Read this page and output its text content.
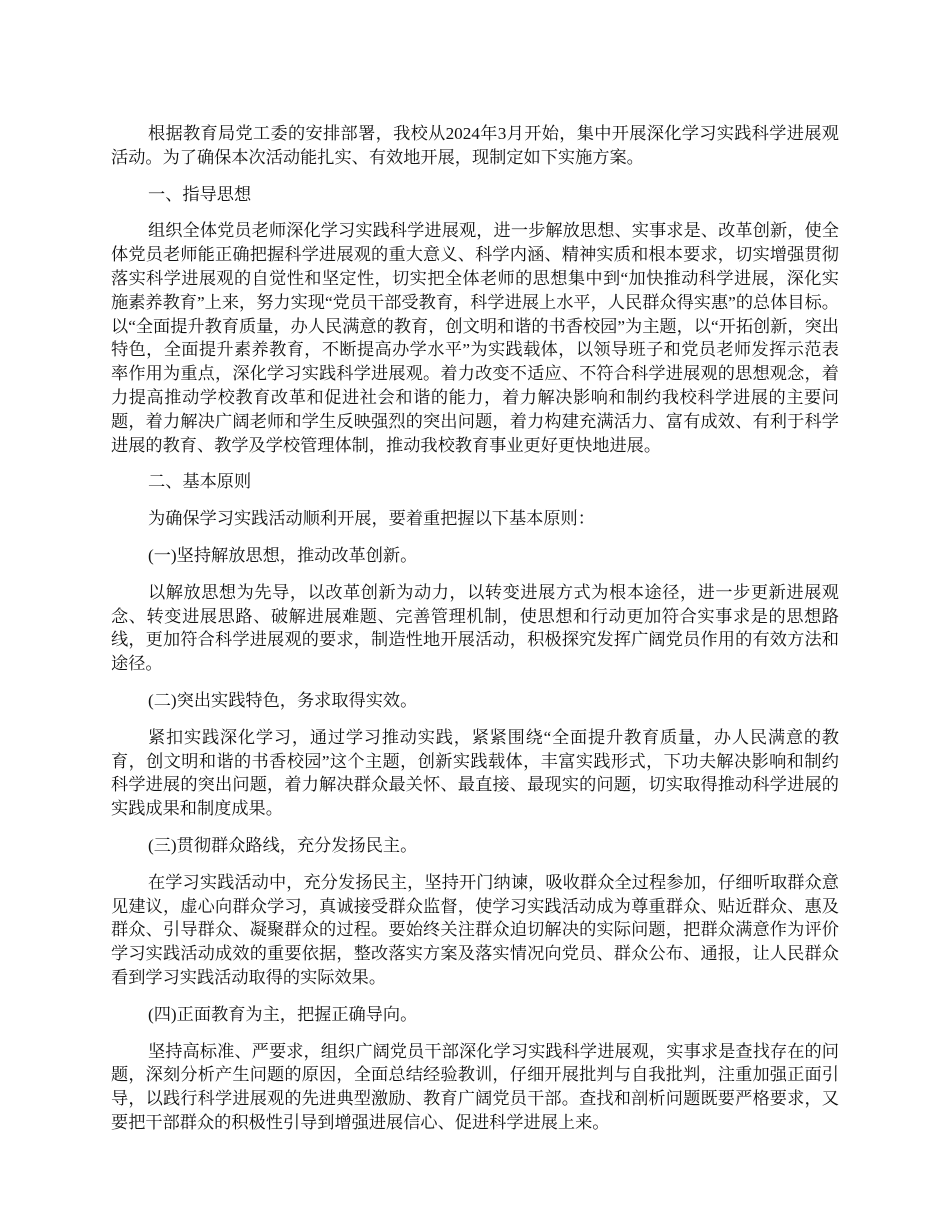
根据教育局党工委的安排部署，我校从2024年3月开始，集中开展深化学习实践科学进展观活动。为了确保本次活动能扎实、有效地开展，现制定如下实施方案。

一、指导思想

组织全体党员老师深化学习实践科学进展观，进一步解放思想、实事求是、改革创新，使全体党员老师能正确把握科学进展观的重大意义、科学内涵、精神实质和根本要求，切实增强贯彻落实科学进展观的自觉性和坚定性，切实把全体老师的思想集中到“加快推动科学进展，深化实施素养教育”上来，努力实现“党员干部受教育，科学进展上水平，人民群众得实惠”的总体目标。以“全面提升教育质量，办人民满意的教育，创文明和谐的书香校园”为主题，以“开拓创新，突出特色，全面提升素养教育，不断提高办学水平”为实践载体，以领导班子和党员老师发挥示范表率作用为重点，深化学习实践科学进展观。着力改变不适应、不符合科学进展观的思想观念，着力提高推动学校教育改革和促进社会和谐的能力，着力解决影响和制约我校科学进展的主要问题，着力解决广阔老师和学生反映强烈的突出问题，着力构建充满活力、富有成效、有利于科学进展的教育、教学及学校管理体制，推动我校教育事业更好更快地进展。

二、基本原则

为确保学习实践活动顺利开展，要着重把握以下基本原则：

(一)坚持解放思想，推动改革创新。

以解放思想为先导，以改革创新为动力，以转变进展方式为根本途径，进一步更新进展观念、转变进展思路、破解进展难题、完善管理机制，使思想和行动更加符合实事求是的思想路线，更加符合科学进展观的要求，制造性地开展活动，积极探究发挥广阔党员作用的有效方法和途径。

(二)突出实践特色，务求取得实效。

紧扣实践深化学习，通过学习推动实践，紧紧围绕“全面提升教育质量，办人民满意的教育，创文明和谐的书香校园”这个主题，创新实践载体，丰富实践形式，下功夫解决影响和制约科学进展的突出问题，着力解决群众最关怀、最直接、最现实的问题，切实取得推动科学进展的实践成果和制度成果。

(三)贯彻群众路线，充分发扬民主。

在学习实践活动中，充分发扬民主，坚持开门纳谏，吸收群众全过程参加，仔细听取群众意见建议，虚心向群众学习，真诚接受群众监督，使学习实践活动成为尊重群众、贴近群众、惠及群众、引导群众、凝聚群众的过程。要始终关注群众迫切解决的实际问题，把群众满意作为评价学习实践活动成效的重要依据，整改落实方案及落实情况向党员、群众公布、通报，让人民群众看到学习实践活动取得的实际效果。

(四)正面教育为主，把握正确导向。

坚持高标准、严要求，组织广阔党员干部深化学习实践科学进展观，实事求是查找存在的问题，深刻分析产生问题的原因，全面总结经验教训，仔细开展批判与自我批判，注重加强正面引导，以践行科学进展观的先进典型激励、教育广阔党员干部。查找和剖析问题既要严格要求，又要把干部群众的积极性引导到增强进展信心、促进科学进展上来。
